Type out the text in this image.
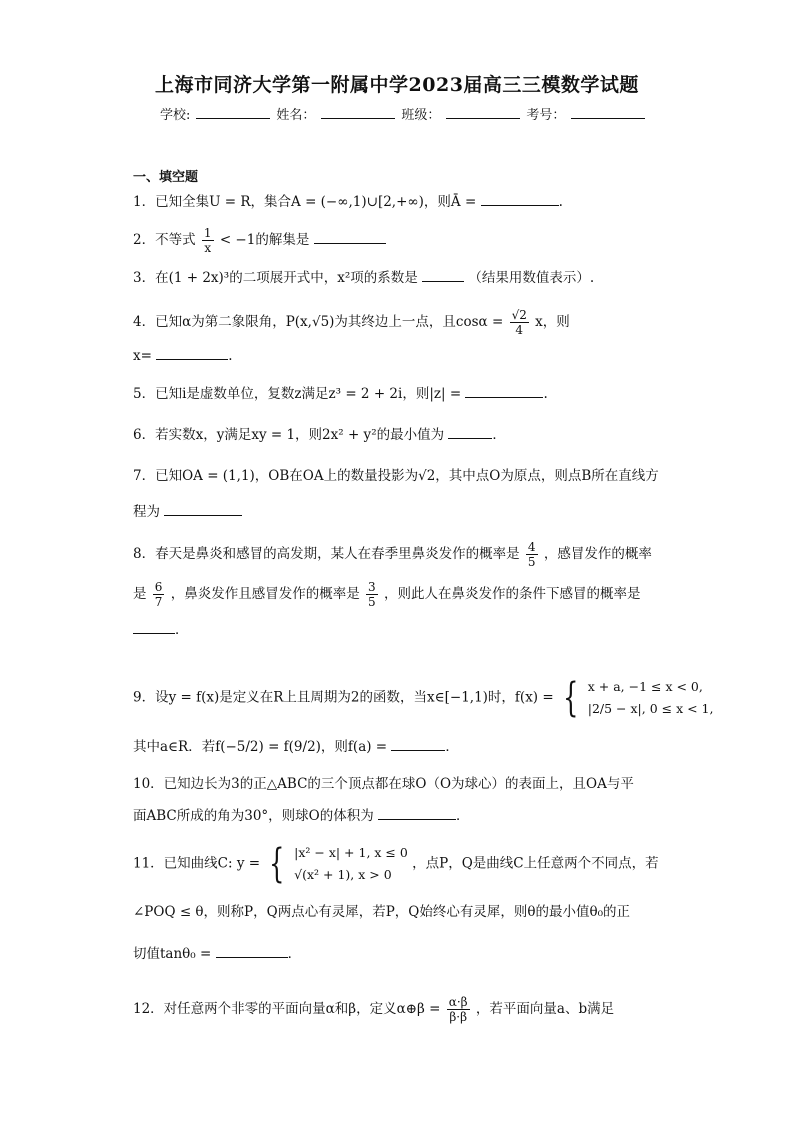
上海市同济大学第一附属中学2023届高三三模数学试题
学校:	姓名：	班级：	考号：
一、填空题
1．已知全集U = R，集合A = (−∞,1)∪[2,+∞)，则Ā =	.
2．不等式 $\frac{1}{x} < -1$的解集是
3．在(1 + 2x)³的二项展开式中，x²项的系数是	（结果用数值表示）.
4．已知α为第二象限角，P(x,√5)为其终边上一点，且$\cos\alpha = \frac{√2}{4}$ x，则
x=	.
5．已知i是虚数单位，复数z满足z³ = 2 + 2i，则|z| =	.
6．若实数x，y满足xy = 1，则2x² + y²的最小值为	．
7．已知OA = (1,1)，OB在OA上的数量投影为√2，其中点O为原点，则点B所在直线方
程为
8．春天是鼻炎和感冒的高发期，某人在春季里鼻炎发作的概率是 $\frac{4}{5}$ ，感冒发作的概率
是 $\frac{6}{7}$ ，鼻炎发作且感冒发作的概率是 $\frac{3}{5}$ ，则此人在鼻炎发作的条件下感冒的概率是
．
9．设y = f(x)是定义在R上且周期为2的函数，当x∈[−1,1)时，f(x) = { x + a, −1 ≤ x < 0,
|2/5 − x|, 0 ≤ x < 1,
其中a∈R．若f(−5/2) = f(9/2)，则f(a) =	．
10．已知边长为3的正△ABC的三个顶点都在球O（O为球心）的表面上，且OA与平
面ABC所成的角为30°，则球O的体积为	．
11．已知曲线C: y = { |x² − x| + 1, x ≤ 0
√(x² + 1), x > 0
，点P，Q是曲线C上任意两个不同点，若
∠POQ ≤ θ，则称P，Q两点心有灵犀，若P，Q始终心有灵犀，则θ的最小值θ₀的正
切值tanθ₀ =	．
12．对任意两个非零的平面向量α和β，定义α⊕β = $\frac{\alpha\cdot\beta}{\beta\cdot\beta}$ ，若平面向量a、b满足
